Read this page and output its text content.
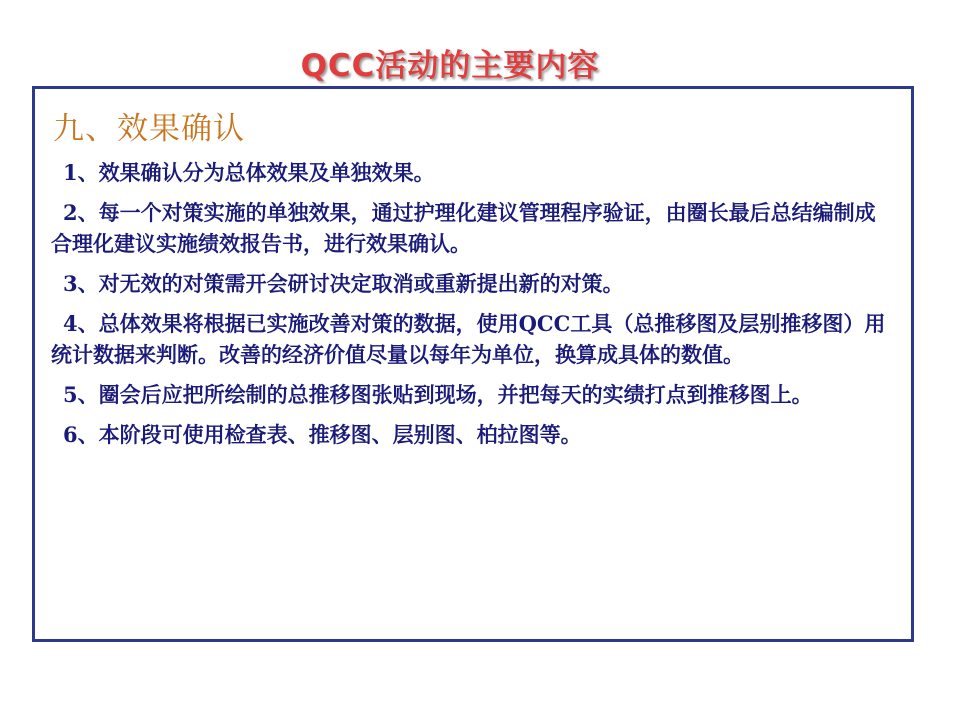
QCC活动的主要内容
九、效果确认
1、效果确认分为总体效果及单独效果。
2、每一个对策实施的单独效果，通过护理化建议管理程序验证，由圈长最后总结编制成合理化建议实施绩效报告书，进行效果确认。
3、对无效的对策需开会研讨决定取消或重新提出新的对策。
4、总体效果将根据已实施改善对策的数据，使用QCC工具（总推移图及层别推移图）用统计数据来判断。改善的经济价值尽量以每年为单位，换算成具体的数值。
5、圈会后应把所绘制的总推移图张贴到现场，并把每天的实绩打点到推移图上。
6、本阶段可使用检查表、推移图、层别图、柏拉图等。
